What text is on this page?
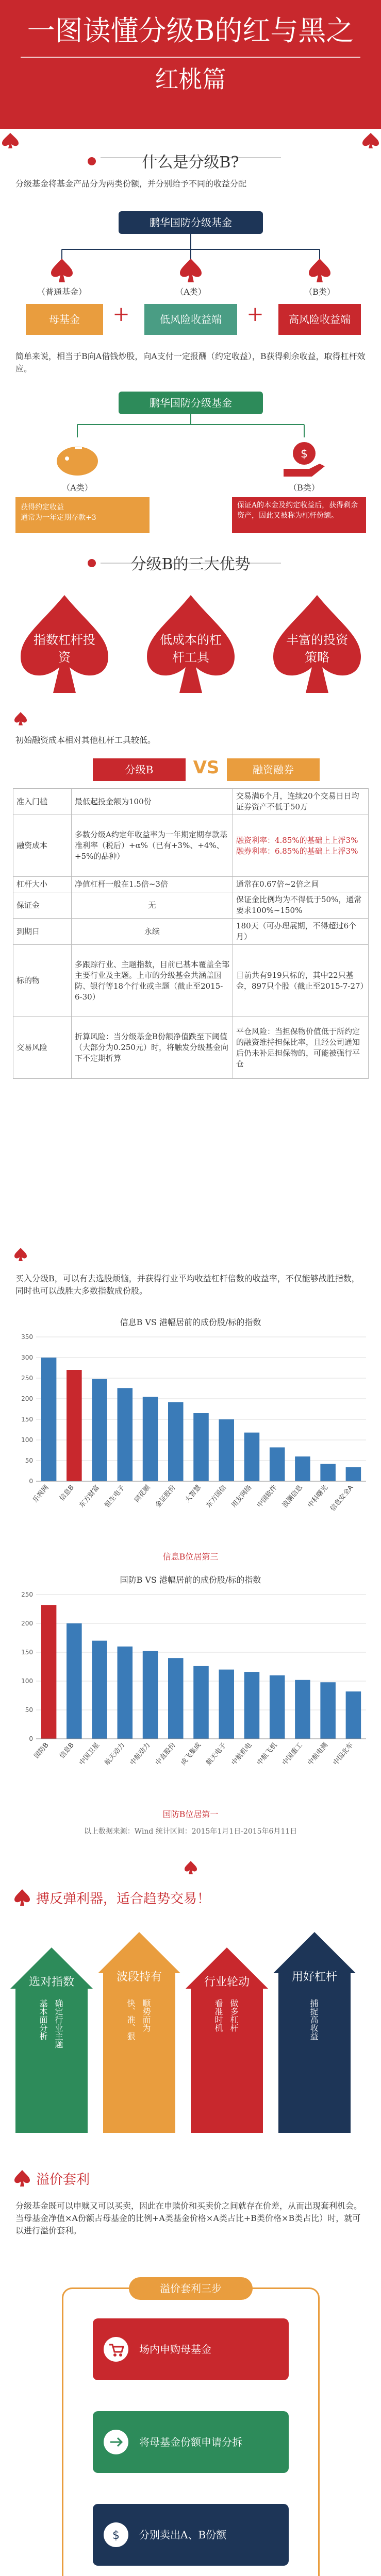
一图读懂分级B的红与黑之
红桃篇
什么是分级B?
分级基金将基金产品分为两类份额，并分别给予不同的收益分配
鹏华国防分级基金
（普通基金）	（A类）	（B类）
母基金	+	低风险收益端	+	高风险收益端
简单来说，相当于B向A借钱炒股，向A支付一定报酬（约定收益），B获得剩余收益，取得杠杆效应。
鹏华国防分级基金
$
（A类）	（B类）
获得约定收益
通常为一年定期存款+3
保证A的本金及约定收益后，获得剩余资产，因此又被称为杠杆份额。
分级B的三大优势
指数杠杆投资
低成本的杠杆工具
丰富的投资策略
初始融资成本相对其他杠杆工具较低。
分级B	VS	融资融券
准入门槛	最低起投金额为100份	交易满6个月，连续20个交易日日均证券资产不低于50万
融资成本	多数分级A约定年收益率为一年期定期存款基准利率（税后）+α%（已有+3%、+4%、+5%的品种）	融资利率：4.85%的基础上上浮3%
融券利率：6.85%的基础上上浮3%
杠杆大小	净值杠杆一般在1.5倍~3倍	通常在0.67倍~2倍之间
保证金	无	保证金比例均为不得低于50%，通常要求100%~150%
到期日	永续	180天（可办理展期，不得超过6个月）
标的物	多跟踪行业、主题指数，目前已基本覆盖全部主要行业及主题。上市的分级基金共涵盖国防、银行等18个行业或主题（截止至2015-6-30）	目前共有919只标的，其中22只基金，897只个股（截止至2015-7-27）
交易风险	折算风险：当分级基金B份额净值跌至下阈值（大部分为0.250元）时，将触发分级基金向下不定期折算	平仓风险：当担保物价值低于所约定的融资维持担保比率，且经公司通知后仍未补足担保物的，可能被强行平仓
买入分级B，可以有去选股烦恼，并获得行业平均收益杠杆倍数的收益率，不仅能够战胜指数，同时也可以战胜大多数指数成份股。
信息B VS 港幅居前的成份股/标的指数
0
50
100
150
200
250
300
350
乐视网 信息B 东方财富 恒生电子 同花顺 金证股份 大智慧 东方国信 用友网络 中国软件 浪潮信息 中科曙光
信息安全A
信息B位居第三
国防B VS 港幅居前的成份股/标的指数
0
50
100
150
200
250
国防B 信息B 中国卫星 航天动力 中航动力 中直股份 成飞集成 航天电子 中航机电 中航飞机 中国重工 中航电测 中国北车
国防B位居第一
以上数据来源：Wind 统计区间：2015年1月1日-2015年6月11日
搏反弹利器，适合趋势交易！
选对指数	波段持有	行业轮动	用好杠杆
基本面分析 确定行业主题	快、准、狠 顺势而为	看准时机 做多杠杆	捕捉高收益
溢价套利
分级基金既可以申赎又可以买卖，因此在申赎价和买卖价之间就存在价差，从而出现套利机会。当母基金净值×A份额占母基金的比例+A类基金价格×A类占比+B类价格×B类占比）时，就可以进行溢价套利。
溢价套利三步
场内申购母基金
将母基金份额申请分拆
$ 分别卖出A、B份额
